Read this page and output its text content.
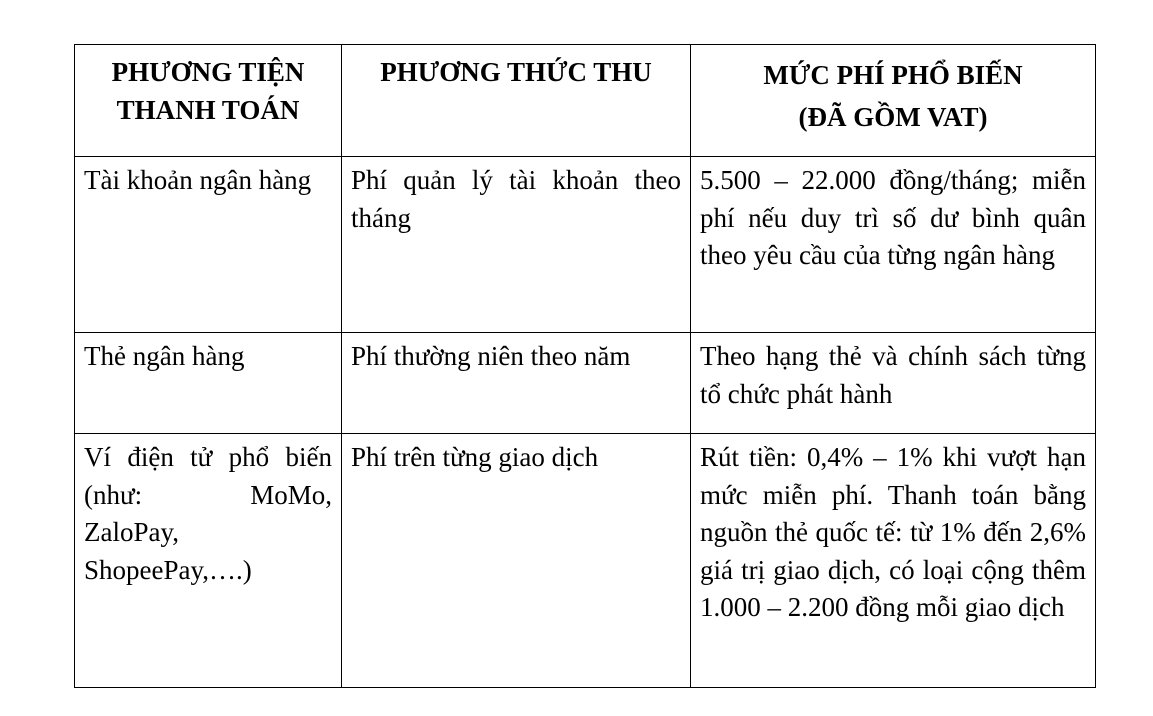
PHƯƠNG TIỆN
THANH TOÁN	PHƯƠNG THỨC THU	MỨC PHÍ PHỔ BIẾN
(ĐÃ GỒM VAT)

Tài khoản ngân hàng	Phí quản lý tài khoản theo tháng	5.500 – 22.000 đồng/tháng; miễn phí nếu duy trì số dư bình quân theo yêu cầu của từng ngân hàng
Thẻ ngân hàng	Phí thường niên theo năm	Theo hạng thẻ và chính sách từng tổ chức phát hành
Ví điện tử phổ biến (như: MoMo, ZaloPay, ShopeePay,….)	Phí trên từng giao dịch	Rút tiền: 0,4% – 1% khi vượt hạn mức miễn phí. Thanh toán bằng nguồn thẻ quốc tế: từ 1% đến 2,6% giá trị giao dịch, có loại cộng thêm 1.000 – 2.200 đồng mỗi giao dịch
